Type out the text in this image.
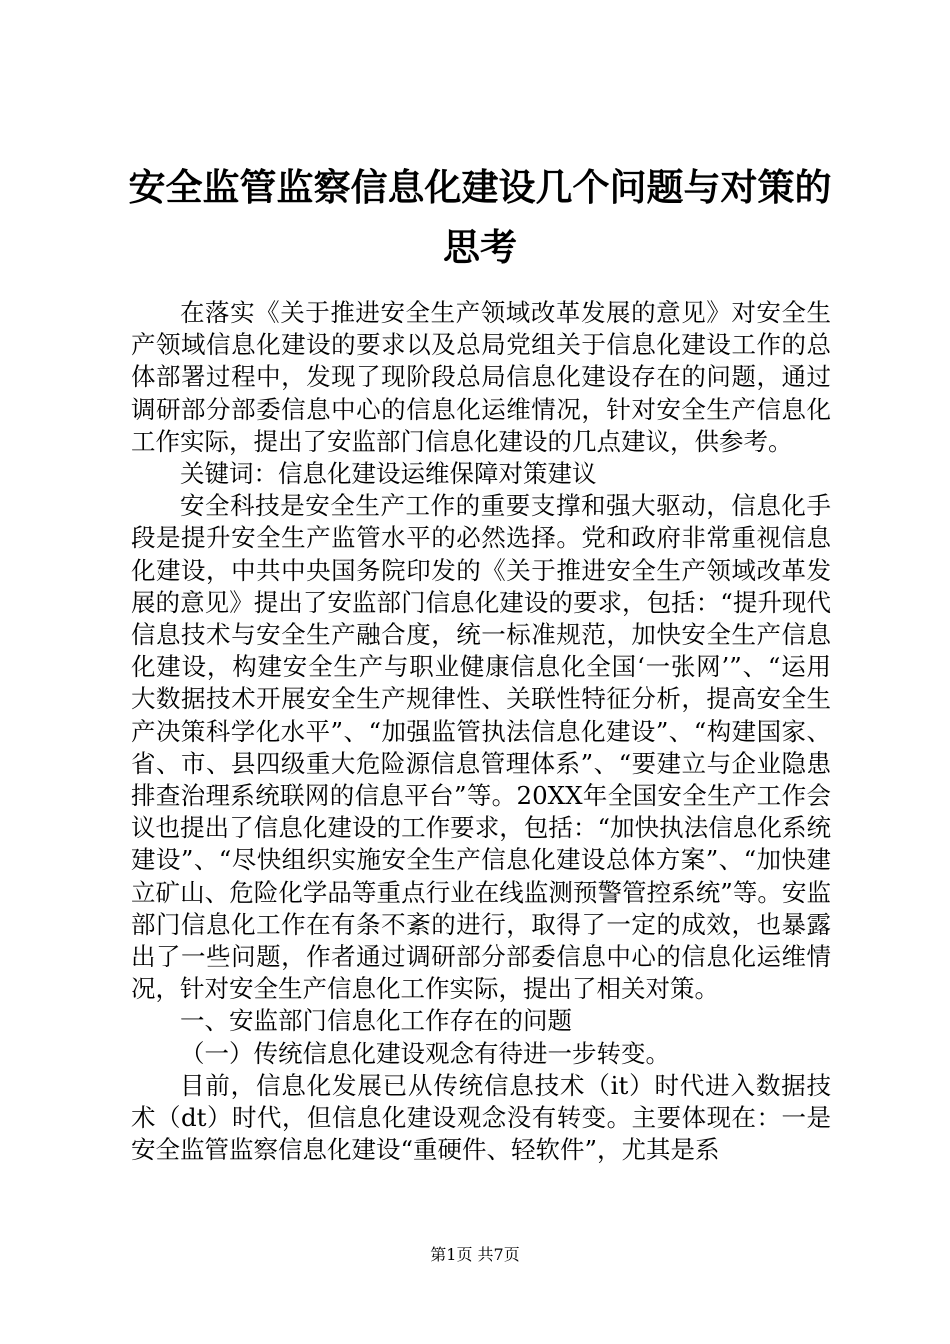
安全监管监察信息化建设几个问题与对策的思考

在落实《关于推进安全生产领域改革发展的意见》对安全生产领域信息化建设的要求以及总局党组关于信息化建设工作的总体部署过程中，发现了现阶段总局信息化建设存在的问题，通过调研部分部委信息中心的信息化运维情况，针对安全生产信息化工作实际，提出了安监部门信息化建设的几点建议，供参考。

关键词：信息化建设运维保障对策建议

安全科技是安全生产工作的重要支撑和强大驱动，信息化手段是提升安全生产监管水平的必然选择。党和政府非常重视信息化建设，中共中央国务院印发的《关于推进安全生产领域改革发展的意见》提出了安监部门信息化建设的要求，包括：“提升现代信息技术与安全生产融合度，统一标准规范，加快安全生产信息化建设，构建安全生产与职业健康信息化全国‘一张网’”、“运用大数据技术开展安全生产规律性、关联性特征分析，提高安全生产决策科学化水平”、“加强监管执法信息化建设”、“构建国家、省、市、县四级重大危险源信息管理体系”、“要建立与企业隐患排查治理系统联网的信息平台”等。20XX年全国安全生产工作会议也提出了信息化建设的工作要求，包括：“加快执法信息化系统建设”、“尽快组织实施安全生产信息化建设总体方案”、“加快建立矿山、危险化学品等重点行业在线监测预警管控系统”等。安监部门信息化工作在有条不紊的进行，取得了一定的成效，也暴露出了一些问题，作者通过调研部分部委信息中心的信息化运维情况，针对安全生产信息化工作实际，提出了相关对策。

一、安监部门信息化工作存在的问题

（一）传统信息化建设观念有待进一步转变。

目前，信息化发展已从传统信息技术（it）时代进入数据技术（dt）时代，但信息化建设观念没有转变。主要体现在：一是安全监管监察信息化建设“重硬件、轻软件”，尤其是系

第1页 共7页
